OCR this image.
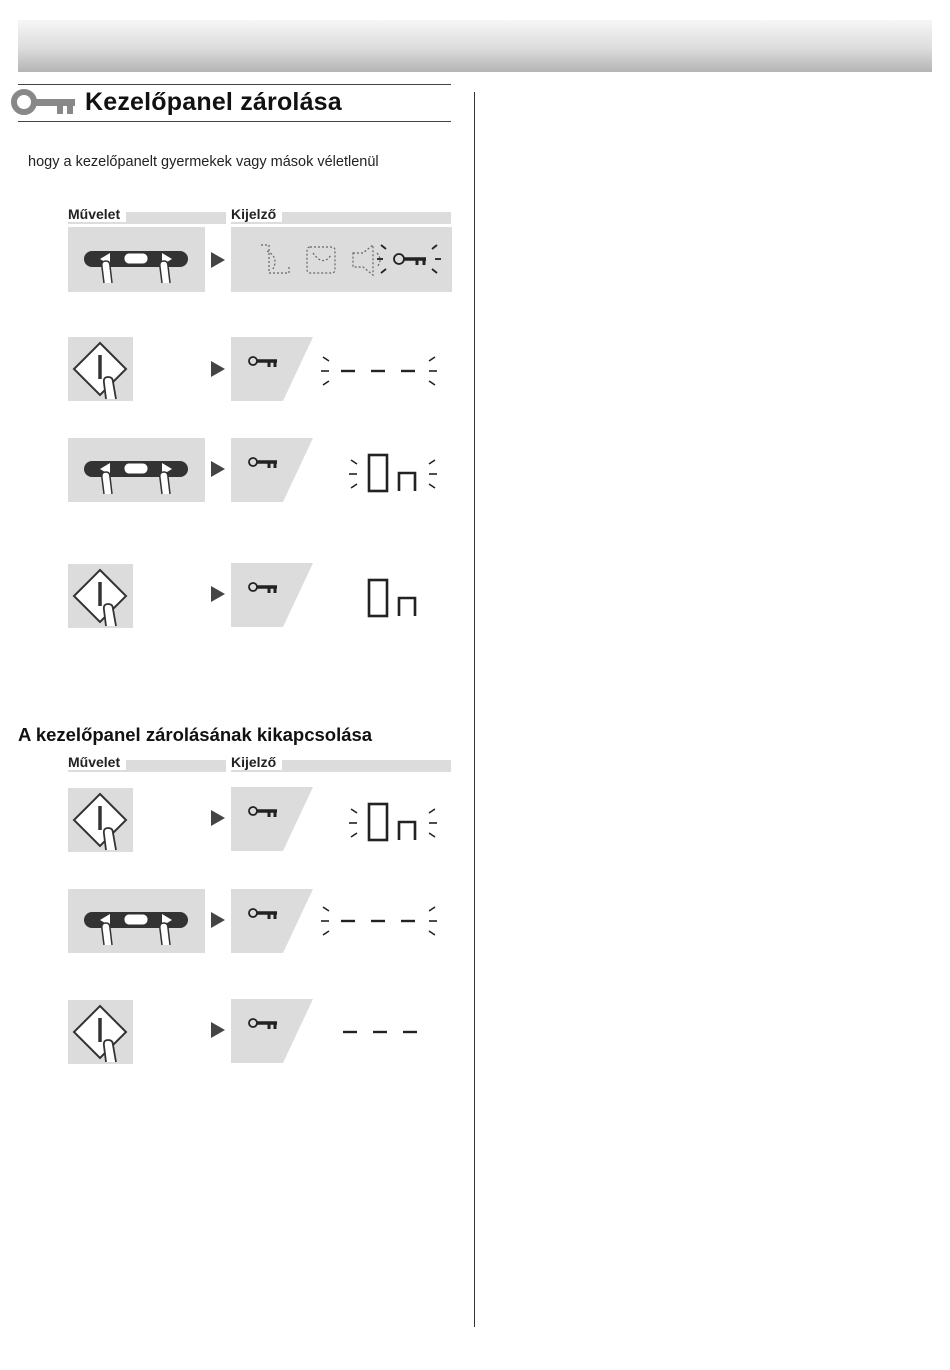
Kezelőpanel zárolása
hogy a kezelőpanelt gyermekek vagy mások véletlenül
Művelet	Kijelző
A kezelőpanel zárolásának kikapcsolása
Művelet	Kijelző
